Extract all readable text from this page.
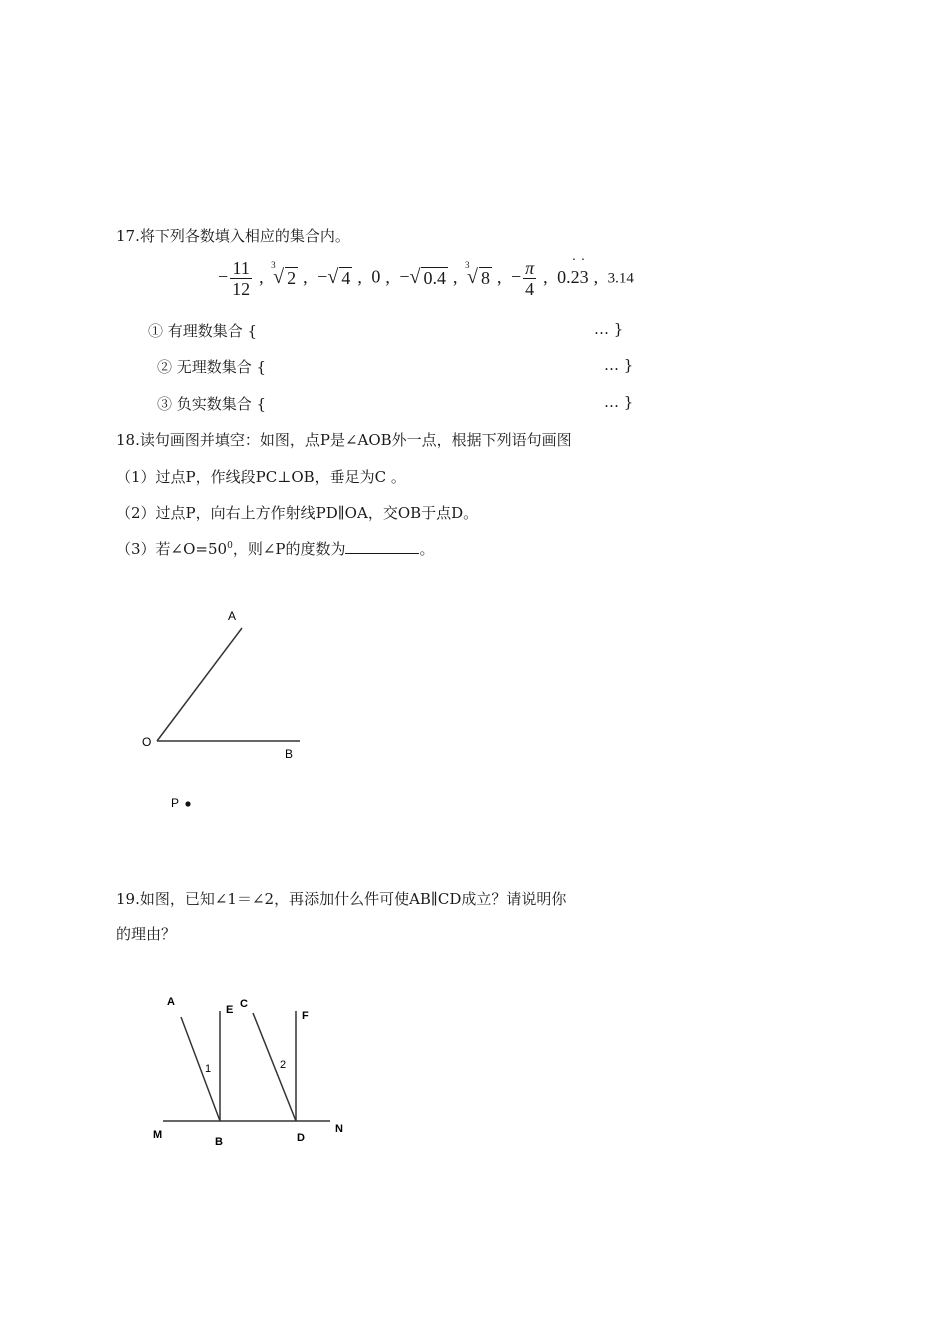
17.将下列各数填入相应的集合内。
− $\frac{11}{12}$ ,
3
√ 2 , − √ 4 , 0 , − √ 0.4 ,
3
√ 8 , − $\frac{\pi}{4}$ , 0.· 2· 3 , 3.14
① 有理数集合 {	… }
② 无理数集合 {	… }
③ 负实数集合 {	… }
18.读句画图并填空：如图，点P是∠AOB外一点，根据下列语句画图
（1）过点P，作线段PC⊥OB，垂足为C 。
（2）过点P，向右上方作射线PD∥OA，交OB于点D。
（3）若$\angle O=50^0$，则∠P的度数为	。
A
O
B
P
19.如图，已知∠1＝∠2，再添加什么件可使AB∥CD成立？请说明你
的理由？
A
E C
F
1	2
M
B	D
N
